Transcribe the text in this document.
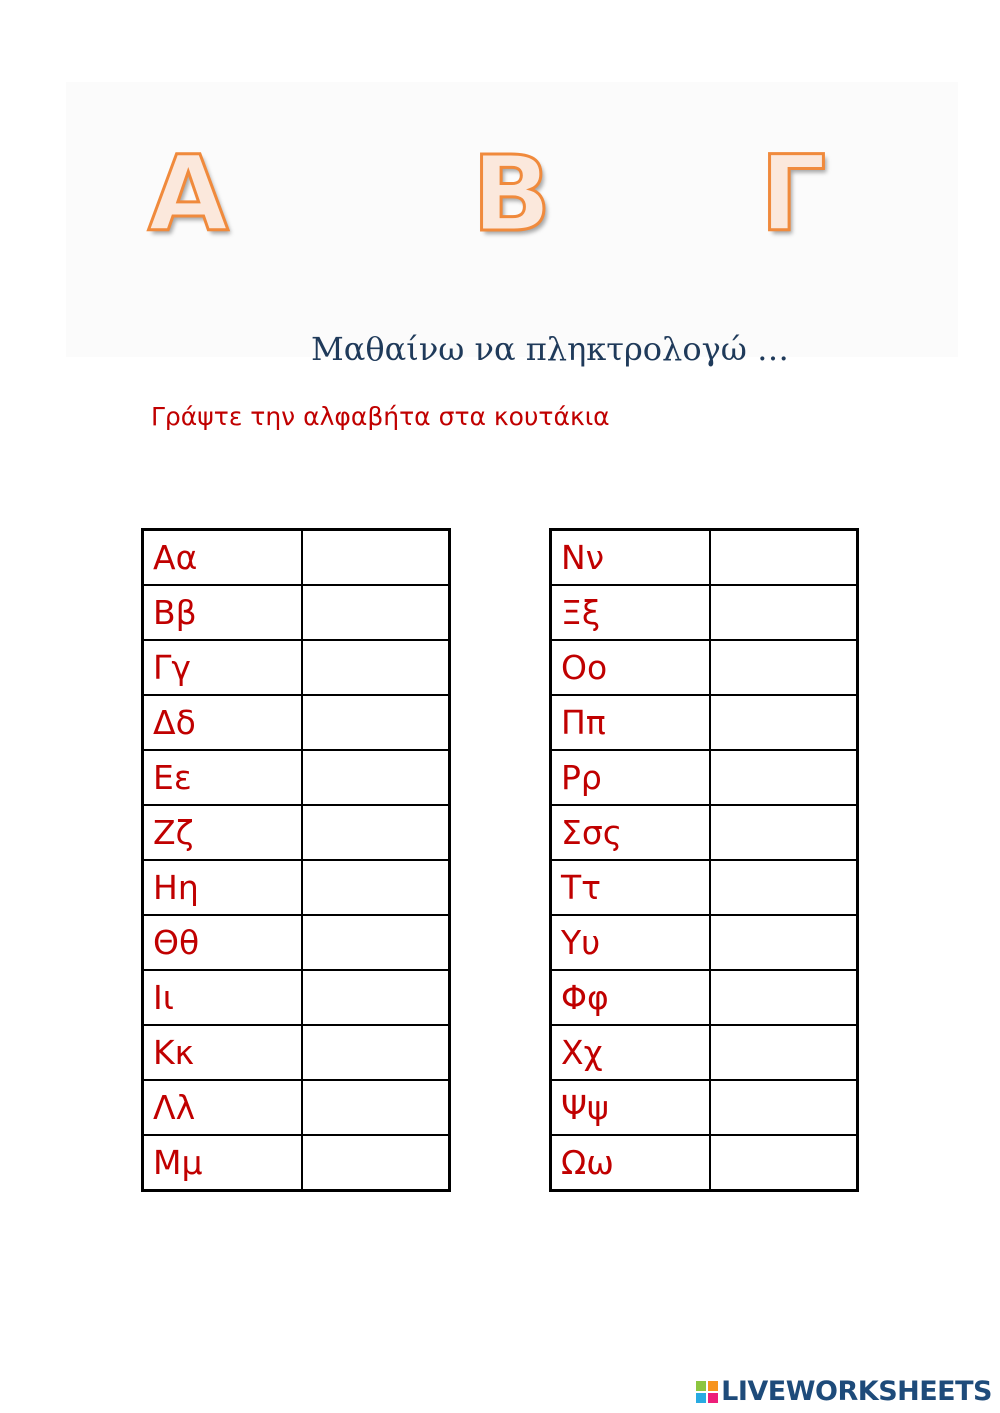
Α Β Γ
Μαθαίνω να πληκτρολογώ …
Γράψτε την αλφαβήτα στα κουτάκια
Αα	
Ββ	
Γγ	
Δδ	
Εε	
Ζζ	
Ηη	
Θθ	
Ιι	
Κκ	
Λλ	
Μμ	
Νν	
Ξξ	
Οο	
Ππ	
Ρρ	
Σσς	
Ττ	
Υυ	
Φφ	
Χχ	
Ψψ	
Ωω	
LIVEWORKSHEETS
